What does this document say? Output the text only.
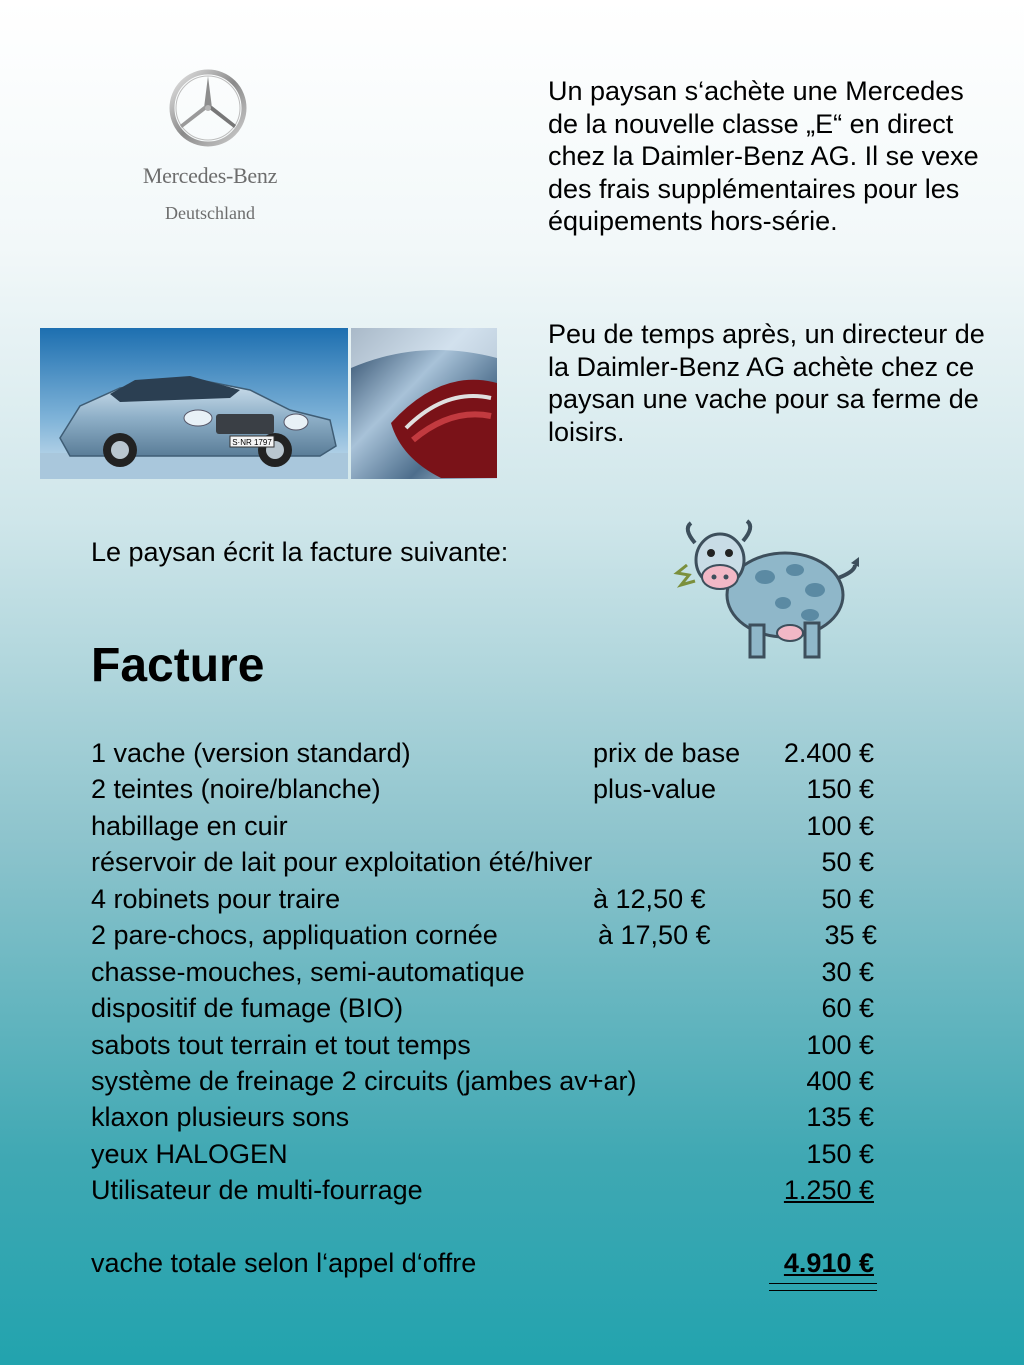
Mercedes-Benz
Deutschland
Un paysan s‘achète une Mercedes de la nouvelle classe „E“ en direct chez la Daimler-Benz AG. Il se vexe des frais supplémentaires pour les équipements hors-série.
Peu de temps après, un directeur de la Daimler-Benz AG achète chez ce paysan une vache pour sa ferme de loisirs.
S·NR 1797
Le paysan écrit la facture suivante:
Facture
1 vache (version standard)	prix de base 2.400 €
2 teintes (noire/blanche)	plus-value	150 €
habillage en cuir	100 €
réservoir de lait pour exploitation été/hiver	50 €
4 robinets pour traire	à 12,50 €	50 €
2 pare-chocs, appliquation cornée	à 17,50 €	35 €
chasse-mouches, semi-automatique	30 €
dispositif de fumage (BIO)	60 €
sabots tout terrain et tout temps	100 €
système de freinage 2 circuits (jambes av+ar)	400 €
klaxon plusieurs sons	135 €
yeux HALOGEN	150 €
Utilisateur de multi-fourrage	1.250 €
vache totale selon l‘appel d‘offre	4.910 €
